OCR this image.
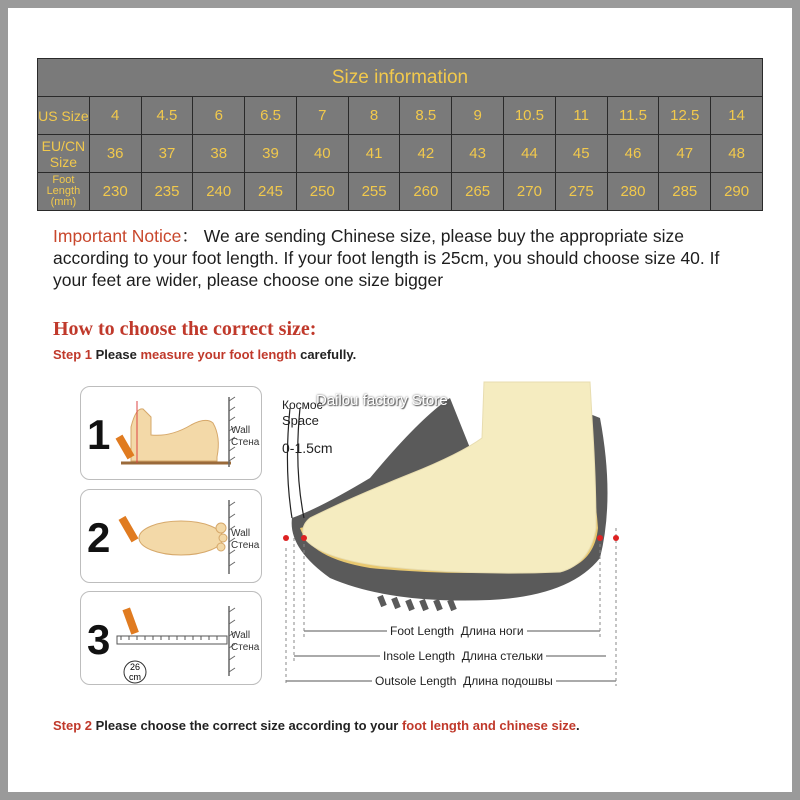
Size information													
US Size	4	4.5	6	6.5	7	8	8.5	9	10.5	11	11.5	12.5	14
EU/CN Size	36	37	38	39	40	41	42	43	44	45	46	47	48
Foot Length (mm)	230	235	240	245	250	255	260	265	270	275	280	285	290
Important Notice： We are sending Chinese size, please buy the appropriate size according to your foot length. If your foot length is 25cm, you should choose size 40. If your feet are wider, please choose one size bigger
How to choose the correct size:
Step 1 Please measure your foot length carefully.
1	Wall
Стена
2	Wall
Стена
26
cm
3	Wall
Стена
Dailou factory Store
Космос
Space
0-1.5cm
Foot Length Длина ноги
Insole Length Длина стельки
Outsole Length Длина подошвы
Step 2 Please choose the correct size according to your foot length and chinese size.
